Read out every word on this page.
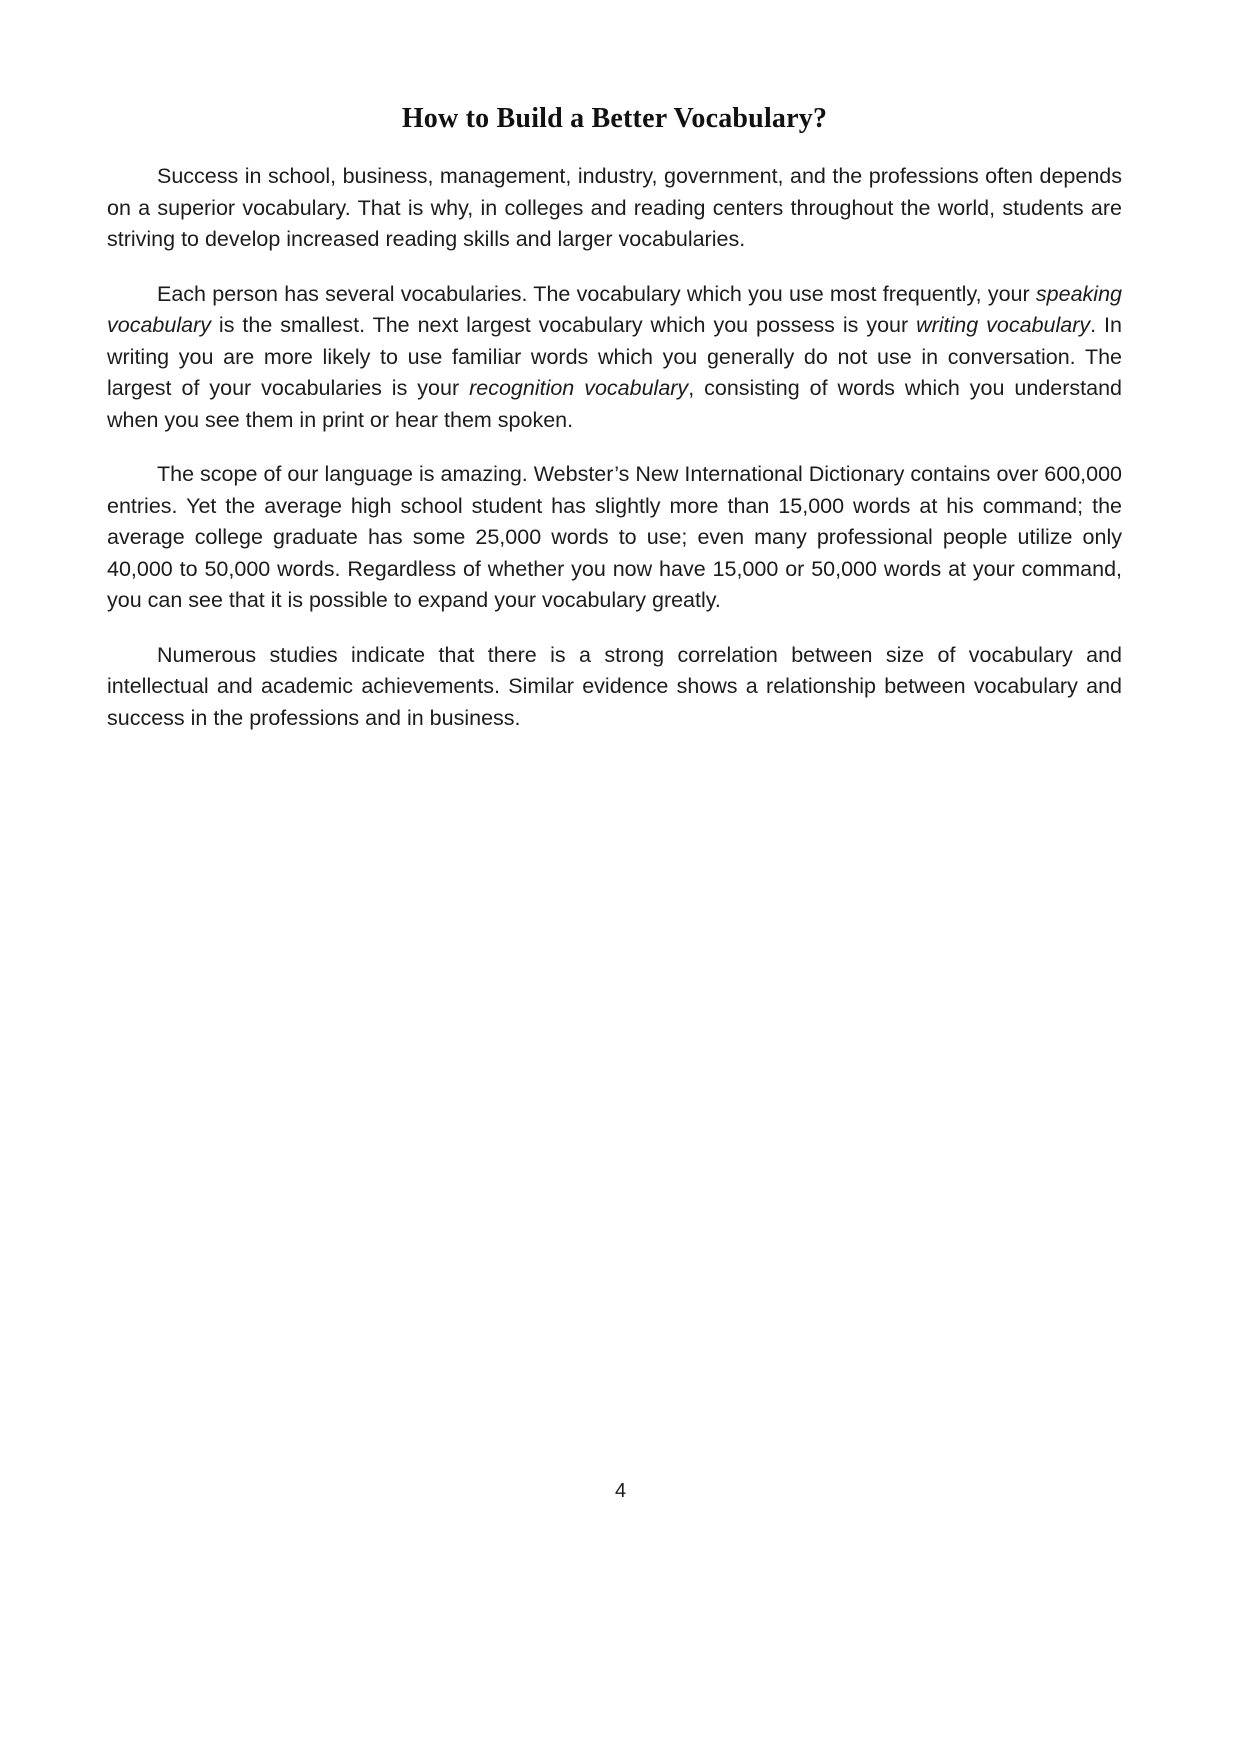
How to Build a Better Vocabulary?

Success in school, business, management, industry, government, and the professions often depends on a superior vocabulary. That is why, in colleges and reading centers throughout the world, students are striving to develop increased reading skills and larger vocabularies.

Each person has several vocabularies. The vocabulary which you use most frequently, your speaking vocabulary is the smallest. The next largest vocabulary which you possess is your writing vocabulary. In writing you are more likely to use familiar words which you generally do not use in conversation. The largest of your vocabularies is your recognition vocabulary, consisting of words which you understand when you see them in print or hear them spoken.

The scope of our language is amazing. Webster’s New International Dictionary contains over 600,000 entries. Yet the average high school student has slightly more than 15,000 words at his command; the average college graduate has some 25,000 words to use; even many professional people utilize only 40,000 to 50,000 words. Regardless of whether you now have 15,000 or 50,000 words at your command, you can see that it is possible to expand your vocabulary greatly.

Numerous studies indicate that there is a strong correlation between size of vocabulary and intellectual and academic achievements. Similar evidence shows a relationship between vocabulary and success in the professions and in business.

4
